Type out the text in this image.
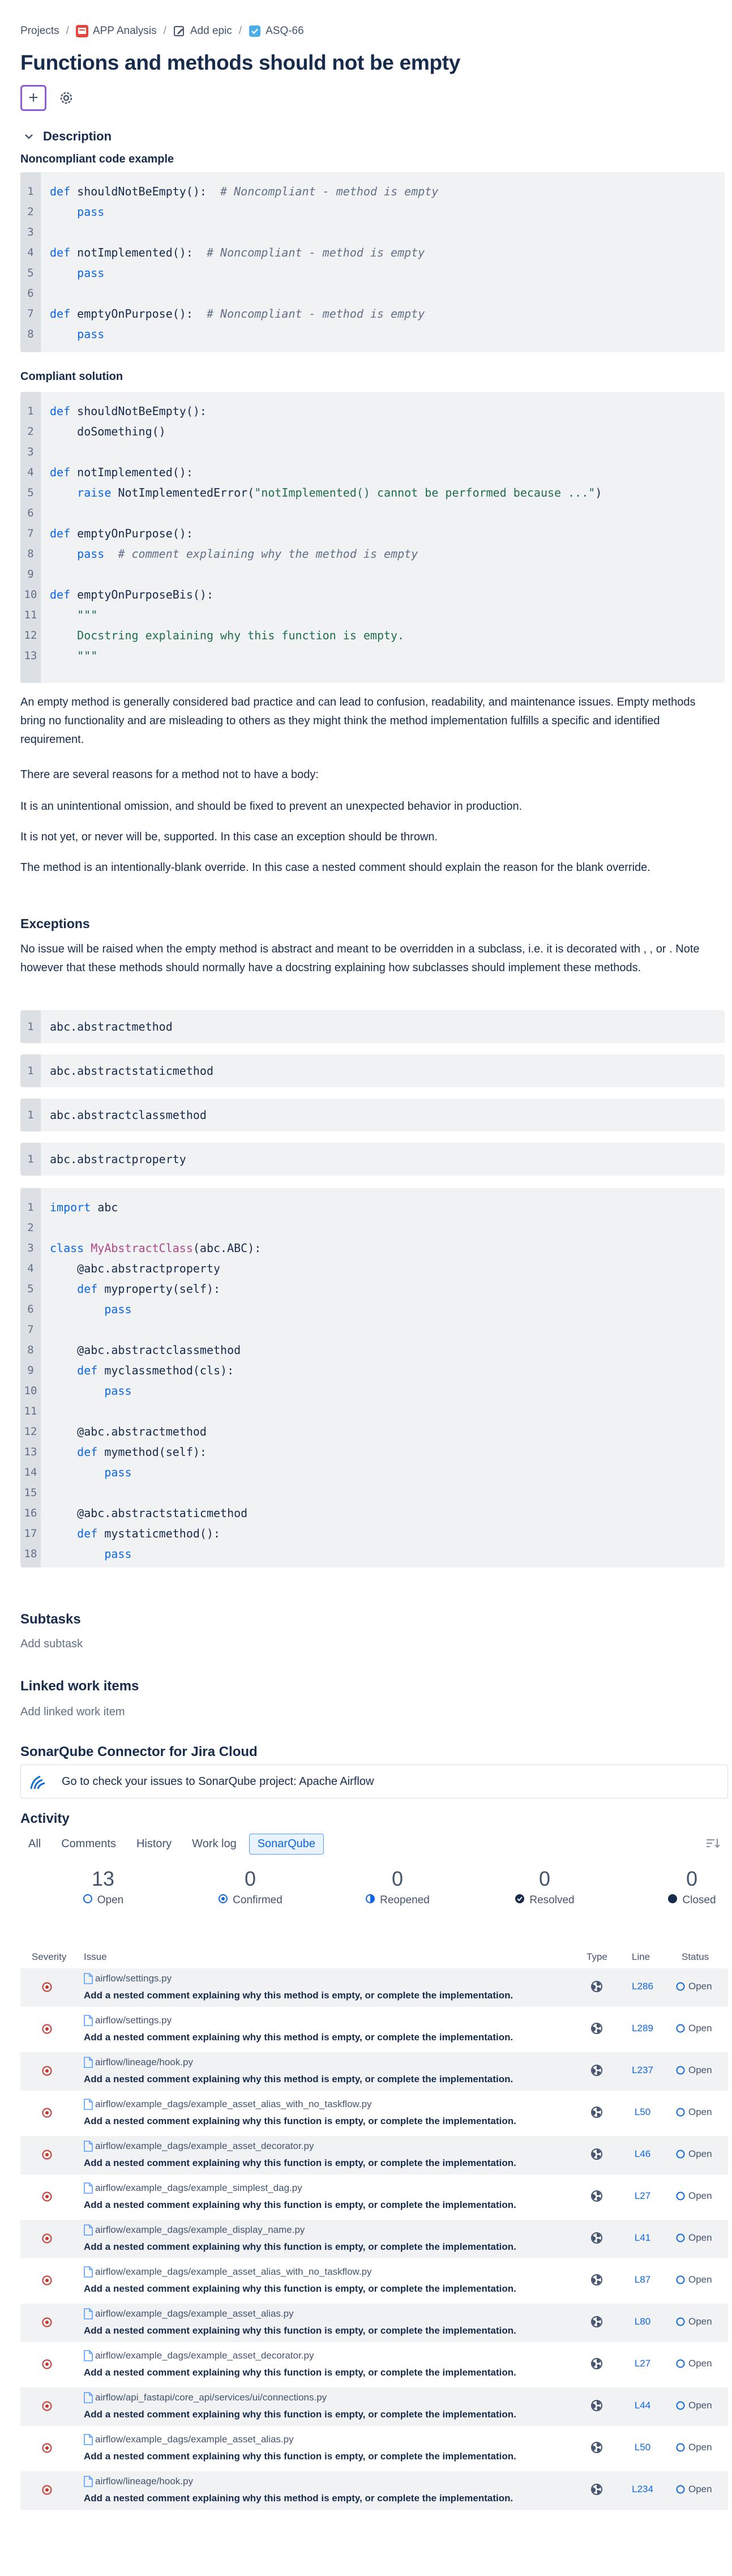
Projects / APP Analysis / Add epic / ASQ-66
Functions and methods should not be empty
+
Description
Noncompliant code example
1	def shouldNotBeEmpty():  # Noncompliant - method is empty
2	pass
3
4	def notImplemented():  # Noncompliant - method is empty
5	pass
6
7	def emptyOnPurpose():  # Noncompliant - method is empty
8	pass
Compliant solution
1	def shouldNotBeEmpty():
2	doSomething()
3
4	def notImplemented():
5	raise NotImplementedError("notImplemented() cannot be performed because ...")
6
7	def emptyOnPurpose():
8	pass # comment explaining why the method is empty
9
10	def emptyOnPurposeBis():
11	"""
12	Docstring explaining why this function is empty.
13	"""

An empty method is generally considered bad practice and can lead to confusion, readability, and maintenance issues. Empty methods bring no functionality and are misleading to others as they might think the method implementation fulfills a specific and identified requirement.

There are several reasons for a method not to have a body:

It is an unintentional omission, and should be fixed to prevent an unexpected behavior in production.

It is not yet, or never will be, supported. In this case an exception should be thrown.

The method is an intentionally-blank override. In this case a nested comment should explain the reason for the blank override.

Exceptions

No issue will be raised when the empty method is abstract and meant to be overridden in a subclass, i.e. it is decorated with , , or . Note however that these methods should normally have a docstring explaining how subclasses should implement these methods.

1	abc.abstractmethod
1	abc.abstractstaticmethod
1	abc.abstractclassmethod
1	abc.abstractproperty
1	import abc
2
3	class MyAbstractClass(abc.ABC):
4	@abc.abstractproperty
5	def myproperty(self):
6	pass
7
8	@abc.abstractclassmethod
9	def myclassmethod(cls):
10	pass
11
12	@abc.abstractmethod
13	def mymethod(self):
14	pass
15
16	@abc.abstractstaticmethod
17	def mystaticmethod():
18	pass
Subtasks
Add subtask
Linked work items
Add linked work item
SonarQube Connector for Jira Cloud
Go to check your issues to SonarQube project: Apache Airflow
Activity
All	Comments	History	Work log	SonarQube
13
Open
0
Confirmed
0
Reopened
0
Resolved
0
Closed
Severity Issue	Type	Line	Status
airflow/settings.py
Add a nested comment explaining why this method is empty, or complete the implementation.
L286	Open
airflow/settings.py
Add a nested comment explaining why this method is empty, or complete the implementation.
L289	Open
airflow/lineage/hook.py
Add a nested comment explaining why this method is empty, or complete the implementation.
L237	Open
airflow/example_dags/example_asset_alias_with_no_taskflow.py
Add a nested comment explaining why this function is empty, or complete the implementation.
L50	Open
airflow/example_dags/example_asset_decorator.py
Add a nested comment explaining why this function is empty, or complete the implementation.
L46	Open
airflow/example_dags/example_simplest_dag.py
Add a nested comment explaining why this function is empty, or complete the implementation.
L27	Open
airflow/example_dags/example_display_name.py
Add a nested comment explaining why this function is empty, or complete the implementation.
L41	Open
airflow/example_dags/example_asset_alias_with_no_taskflow.py
Add a nested comment explaining why this function is empty, or complete the implementation.
L87	Open
airflow/example_dags/example_asset_alias.py
Add a nested comment explaining why this function is empty, or complete the implementation.
L80	Open
airflow/example_dags/example_asset_decorator.py
Add a nested comment explaining why this function is empty, or complete the implementation.
L27	Open
airflow/api_fastapi/core_api/services/ui/connections.py
Add a nested comment explaining why this function is empty, or complete the implementation.
L44	Open
airflow/example_dags/example_asset_alias.py
Add a nested comment explaining why this function is empty, or complete the implementation.
L50	Open
airflow/lineage/hook.py
Add a nested comment explaining why this method is empty, or complete the implementation.
L234	Open
